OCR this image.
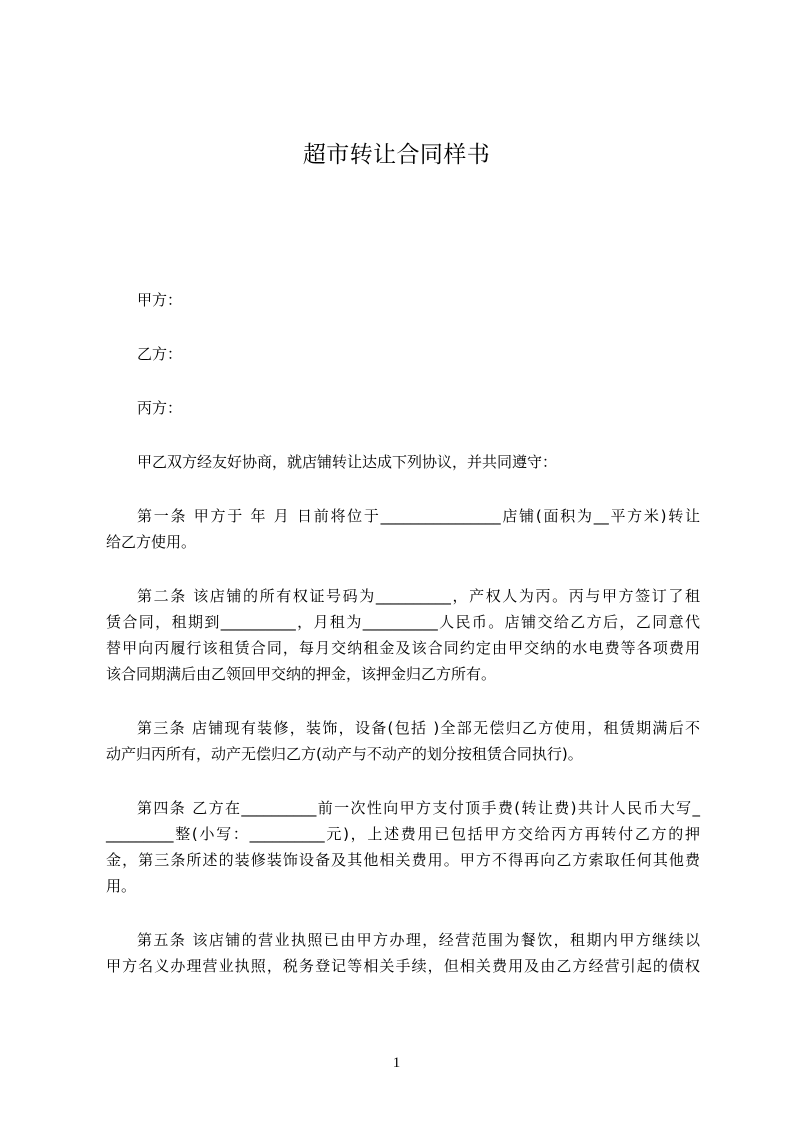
超市转让合同样书
甲方：
乙方：
丙方：
甲乙双方经友好协商，就店铺转让达成下列协议，并共同遵守：
第一条 甲方于 年 月 日前将位于________________店铺(面积为__平方米)转让
给乙方使用。
第二条 该店铺的所有权证号码为__________，产权人为丙。丙与甲方签订了租
赁合同，租期到__________，月租为__________人民币。店铺交给乙方后，乙同意代
替甲向丙履行该租赁合同，每月交纳租金及该合同约定由甲交纳的水电费等各项费用
该合同期满后由乙领回甲交纳的押金，该押金归乙方所有。
第三条 店铺现有装修，装饰，设备(包括 )全部无偿归乙方使用，租赁期满后不
动产归丙所有，动产无偿归乙方(动产与不动产的划分按租赁合同执行)。
第四条 乙方在__________前一次性向甲方支付顶手费(转让费)共计人民币大写_
_________整(小写：__________元)，上述费用已包括甲方交给丙方再转付乙方的押
金，第三条所述的装修装饰设备及其他相关费用。甲方不得再向乙方索取任何其他费
用。
第五条 该店铺的营业执照已由甲方办理，经营范围为餐饮，租期内甲方继续以
甲方名义办理营业执照，税务登记等相关手续，但相关费用及由乙方经营引起的债权
1
